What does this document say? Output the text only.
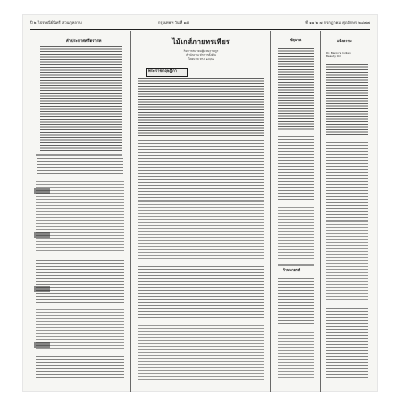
ปี ๒ ไปรษณีย์นิครี สวนกุหลาบ	กรุงเทพฯ วันที่ ๑๕	ที่ ๑๑ ๒ ๗ กรกฎาคม ศุภอักษร ๒๔๗๗
ไม้เกส์ภายทรเทียร
กิจการสมาคมผู้แทนราษฎร
สำนักงาน ทำการตั้งต้น
โดยนาย ทาง ๑๔๙๑
คำประกาศศรีตรารท
พระราชกฤษฎีกา
แจ้งความ
Dr. Baron's Indian
Beauty Oil
ขัตุนาค
ร้านนาครท์
